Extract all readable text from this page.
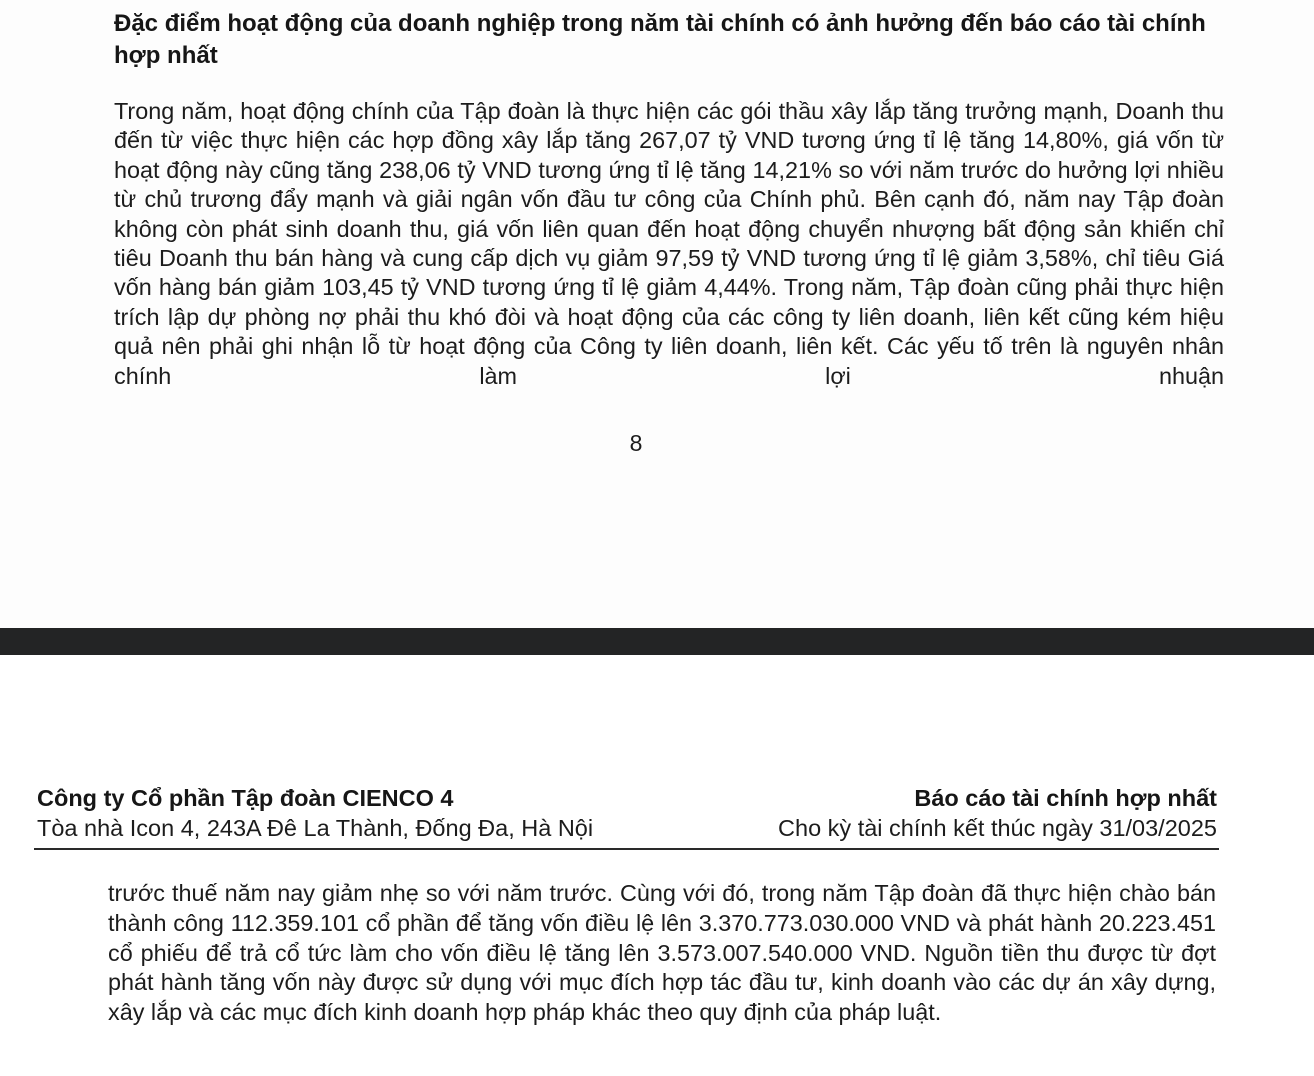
Đặc điểm hoạt động của doanh nghiệp trong năm tài chính có ảnh hưởng đến báo cáo tài chính hợp nhất

Trong năm, hoạt động chính của Tập đoàn là thực hiện các gói thầu xây lắp tăng trưởng mạnh, Doanh thu đến từ việc thực hiện các hợp đồng xây lắp tăng 267,07 tỷ VND tương ứng tỉ lệ tăng 14,80%, giá vốn từ hoạt động này cũng tăng 238,06 tỷ VND tương ứng tỉ lệ tăng 14,21% so với năm trước do hưởng lợi nhiều từ chủ trương đẩy mạnh và giải ngân vốn đầu tư công của Chính phủ. Bên cạnh đó, năm nay Tập đoàn không còn phát sinh doanh thu, giá vốn liên quan đến hoạt động chuyển nhượng bất động sản khiến chỉ tiêu Doanh thu bán hàng và cung cấp dịch vụ giảm 97,59 tỷ VND tương ứng tỉ lệ giảm 3,58%, chỉ tiêu Giá vốn hàng bán giảm 103,45 tỷ VND tương ứng tỉ lệ giảm 4,44%. Trong năm, Tập đoàn cũng phải thực hiện trích lập dự phòng nợ phải thu khó đòi và hoạt động của các công ty liên doanh, liên kết cũng kém hiệu quả nên phải ghi nhận lỗ từ hoạt động của Công ty liên doanh, liên kết. Các yếu tố trên là nguyên nhân chính làm lợi nhuận

8
Công ty Cổ phần Tập đoàn CIENCO 4
Tòa nhà Icon 4, 243A Đê La Thành, Đống Đa, Hà Nội
Báo cáo tài chính hợp nhất
Cho kỳ tài chính kết thúc ngày 31/03/2025

trước thuế năm nay giảm nhẹ so với năm trước. Cùng với đó, trong năm Tập đoàn đã thực hiện chào bán thành công 112.359.101 cổ phần để tăng vốn điều lệ lên 3.370.773.030.000 VND và phát hành 20.223.451 cổ phiếu để trả cổ tức làm cho vốn điều lệ tăng lên 3.573.007.540.000 VND. Nguồn tiền thu được từ đợt phát hành tăng vốn này được sử dụng với mục đích hợp tác đầu tư, kinh doanh vào các dự án xây dựng, xây lắp và các mục đích kinh doanh hợp pháp khác theo quy định của pháp luật.
